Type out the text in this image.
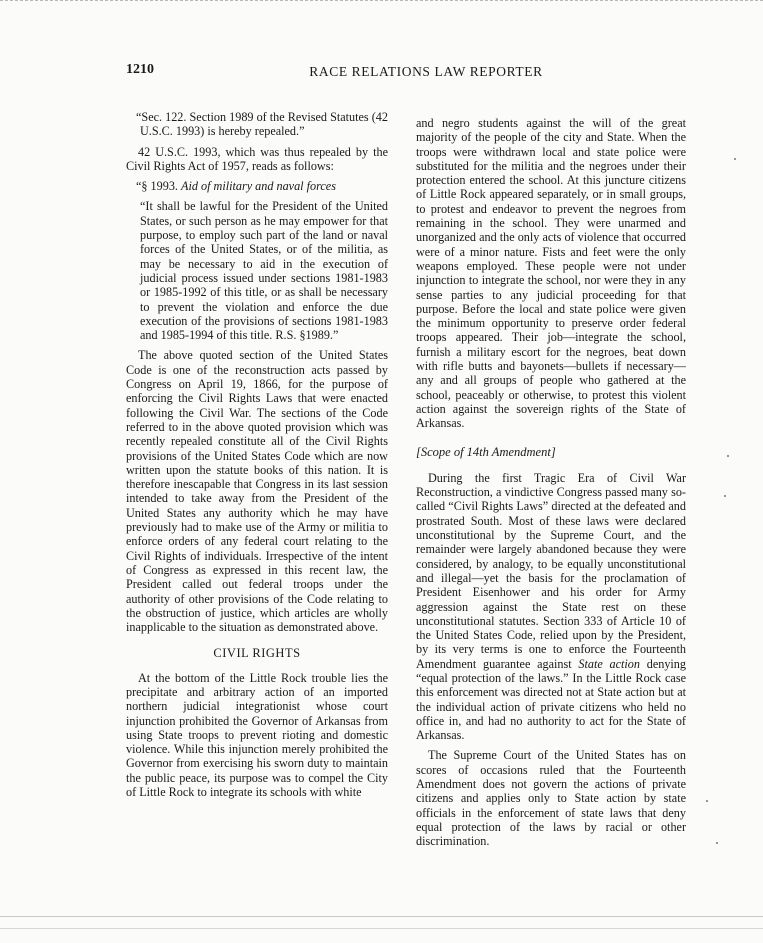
1210	RACE RELATIONS LAW REPORTER

“Sec. 122. Section 1989 of the Revised Statutes (42 U.S.C. 1993) is hereby repealed.”

42 U.S.C. 1993, which was thus repealed by the Civil Rights Act of 1957, reads as follows:

“§ 1993. Aid of military and naval forces

“It shall be lawful for the President of the United States, or such person as he may empower for that purpose, to employ such part of the land or naval forces of the United States, or of the militia, as may be necessary to aid in the execution of judicial process issued under sections 1981-1983 or 1985-1992 of this title, or as shall be necessary to prevent the violation and enforce the due execution of the provisions of sections 1981-1983 and 1985-1994 of this title. R.S. §1989.”

The above quoted section of the United States Code is one of the reconstruction acts passed by Congress on April 19, 1866, for the purpose of enforcing the Civil Rights Laws that were enacted following the Civil War. The sections of the Code referred to in the above quoted provision which was recently repealed constitute all of the Civil Rights provisions of the United States Code which are now written upon the statute books of this nation. It is therefore inescapable that Congress in its last session intended to take away from the President of the United States any authority which he may have previously had to make use of the Army or militia to enforce orders of any federal court relating to the Civil Rights of individuals. Irrespective of the intent of Congress as expressed in this recent law, the President called out federal troops under the authority of other provisions of the Code relating to the obstruction of justice, which articles are wholly inapplicable to the situation as demonstrated above.

CIVIL RIGHTS

At the bottom of the Little Rock trouble lies the precipitate and arbitrary action of an imported northern judicial integrationist whose court injunction prohibited the Governor of Arkansas from using State troops to prevent rioting and domestic violence. While this injunction merely prohibited the Governor from exercising his sworn duty to maintain the public peace, its purpose was to compel the City of Little Rock to integrate its schools with white

and negro students against the will of the great majority of the people of the city and State. When the troops were withdrawn local and state police were substituted for the militia and the negroes under their protection entered the school. At this juncture citizens of Little Rock appeared separately, or in small groups, to protest and endeavor to prevent the negroes from remaining in the school. They were unarmed and unorganized and the only acts of violence that occurred were of a minor nature. Fists and feet were the only weapons employed. These people were not under injunction to integrate the school, nor were they in any sense parties to any judicial proceeding for that purpose. Before the local and state police were given the minimum opportunity to preserve order federal troops appeared. Their job—integrate the school, furnish a military escort for the negroes, beat down with rifle butts and bayonets—bullets if necessary—any and all groups of people who gathered at the school, peaceably or otherwise, to protest this violent action against the sovereign rights of the State of Arkansas.

[Scope of 14th Amendment]

During the first Tragic Era of Civil War Reconstruction, a vindictive Congress passed many so-called “Civil Rights Laws” directed at the defeated and prostrated South. Most of these laws were declared unconstitutional by the Supreme Court, and the remainder were largely abandoned because they were considered, by analogy, to be equally unconstitutional and illegal—yet the basis for the proclamation of President Eisenhower and his order for Army aggression against the State rest on these unconstitutional statutes. Section 333 of Article 10 of the United States Code, relied upon by the President, by its very terms is one to enforce the Fourteenth Amendment guarantee against State action denying “equal protection of the laws.” In the Little Rock case this enforcement was directed not at State action but at the individual action of private citizens who held no office in, and had no authority to act for the State of Arkansas.

The Supreme Court of the United States has on scores of occasions ruled that the Fourteenth Amendment does not govern the actions of private citizens and applies only to State action by state officials in the enforcement of state laws that deny equal protection of the laws by racial or other discrimination.
